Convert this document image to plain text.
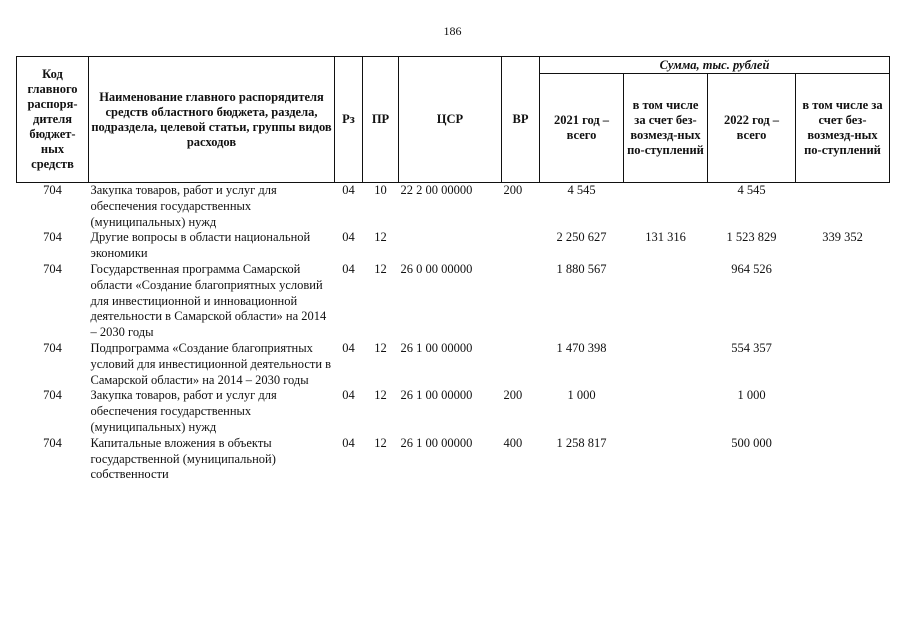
186
Код главного распоря-дителя бюджет-ных средств	Наименование главного распорядителя средств областного бюджета, раздела, подраздела, целевой статьи, группы видов расходов	Рз	ПР	ЦСР	ВР	Сумма, тыс. рублей			
						2021 год – всего	в том числе за счет без-возмезд-ных по-ступлений	2022 год – всего	в том числе за счет без-возмезд-ных по-ступлений
704	Закупка товаров, работ и услуг для обеспечения государственных (муниципальных) нужд	04	10	22 2 00 00000	200	4 545		4 545	
704	Другие вопросы в области национальной экономики	04	12			2 250 627	131 316	1 523 829	339 352
704	Государственная программа Самарской области «Создание благоприятных условий для инвестиционной и инновационной деятельности в Самарской области» на 2014 – 2030 годы	04	12	26 0 00 00000		1 880 567		964 526	
704	Подпрограмма «Создание благоприятных условий для инвестиционной деятельности в Самарской области» на 2014 – 2030 годы	04	12	26 1 00 00000		1 470 398		554 357	
704	Закупка товаров, работ и услуг для обеспечения государственных (муниципальных) нужд	04	12	26 1 00 00000	200	1 000		1 000	
704	Капитальные вложения в объекты государственной (муниципальной) собственности	04	12	26 1 00 00000	400	1 258 817		500 000	
